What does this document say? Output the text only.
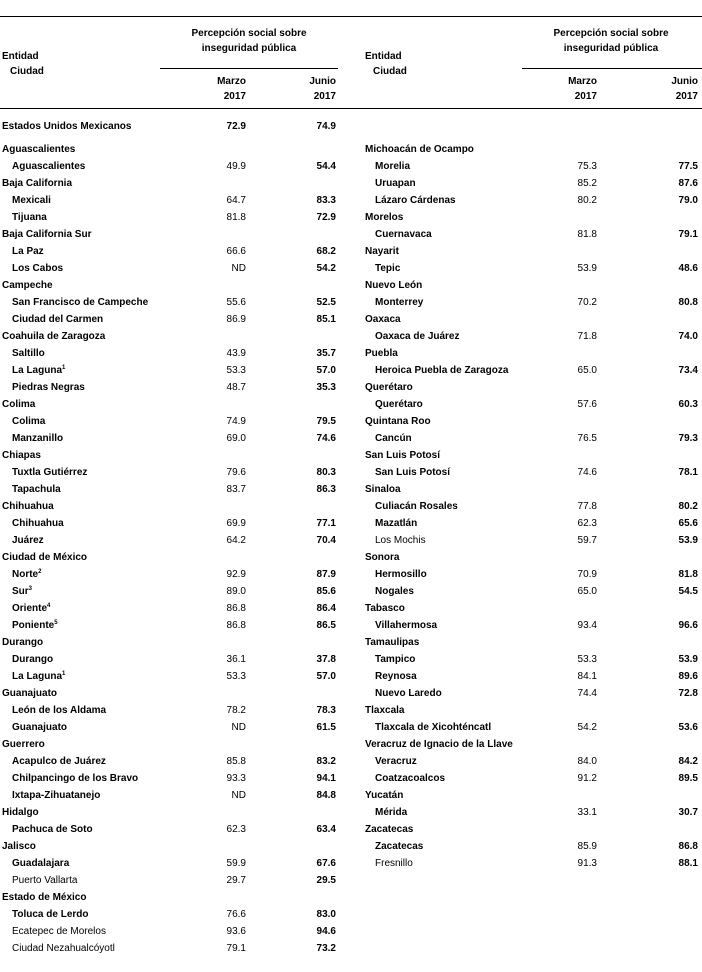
Entidad
Ciudad
Percepción social sobre
inseguridad pública
Marzo
2017
Junio
2017
Estados Unidos Mexicanos	72.9	74.9
Aguascalientes
Aguascalientes	49.9	54.4
Baja California
Mexicali	64.7	83.3
Tijuana	81.8	72.9
Baja California Sur
La Paz	66.6	68.2
Los Cabos	ND	54.2
Campeche
San Francisco de Campeche	55.6	52.5
Ciudad del Carmen	86.9	85.1
Coahuila de Zaragoza
Saltillo	43.9	35.7
La Laguna$^1$	53.3	57.0
Piedras Negras	48.7	35.3
Colima
Colima	74.9	79.5
Manzanillo	69.0	74.6
Chiapas
Tuxtla Gutiérrez	79.6	80.3
Tapachula	83.7	86.3
Chihuahua
Chihuahua	69.9	77.1
Juárez	64.2	70.4
Ciudad de México
Norte$^2$	92.9	87.9
Sur$^3$	89.0	85.6
Oriente$^4$	86.8	86.4
Poniente$^5$	86.8	86.5
Durango
Durango	36.1	37.8
La Laguna$^1$	53.3	57.0
Guanajuato
León de los Aldama	78.2	78.3
Guanajuato	ND	61.5
Guerrero
Acapulco de Juárez	85.8	83.2
Chilpancingo de los Bravo	93.3	94.1
Ixtapa-Zihuatanejo	ND	84.8
Hidalgo
Pachuca de Soto	62.3	63.4
Jalisco
Guadalajara	59.9	67.6
Puerto Vallarta	29.7	29.5
Estado de México
Toluca de Lerdo	76.6	83.0
Ecatepec de Morelos	93.6	94.6
Ciudad Nezahualcóyotl	79.1	73.2
Entidad
Ciudad
Percepción social sobre
inseguridad pública
Marzo
2017
Junio
2017
Michoacán de Ocampo
Morelia	75.3	77.5
Uruapan	85.2	87.6
Lázaro Cárdenas	80.2	79.0
Morelos
Cuernavaca	81.8	79.1
Nayarit
Tepic	53.9	48.6
Nuevo León
Monterrey	70.2	80.8
Oaxaca
Oaxaca de Juárez	71.8	74.0
Puebla
Heroica Puebla de Zaragoza	65.0	73.4
Querétaro
Querétaro	57.6	60.3
Quintana Roo
Cancún	76.5	79.3
San Luis Potosí
San Luis Potosí	74.6	78.1
Sinaloa
Culiacán Rosales	77.8	80.2
Mazatlán	62.3	65.6
Los Mochis	59.7	53.9
Sonora
Hermosillo	70.9	81.8
Nogales	65.0	54.5
Tabasco
Villahermosa	93.4	96.6
Tamaulipas
Tampico	53.3	53.9
Reynosa	84.1	89.6
Nuevo Laredo	74.4	72.8
Tlaxcala
Tlaxcala de Xicohténcatl	54.2	53.6
Veracruz de Ignacio de la Llave
Veracruz	84.0	84.2
Coatzacoalcos	91.2	89.5
Yucatán
Mérida	33.1	30.7
Zacatecas
Zacatecas	85.9	86.8
Fresnillo	91.3	88.1
